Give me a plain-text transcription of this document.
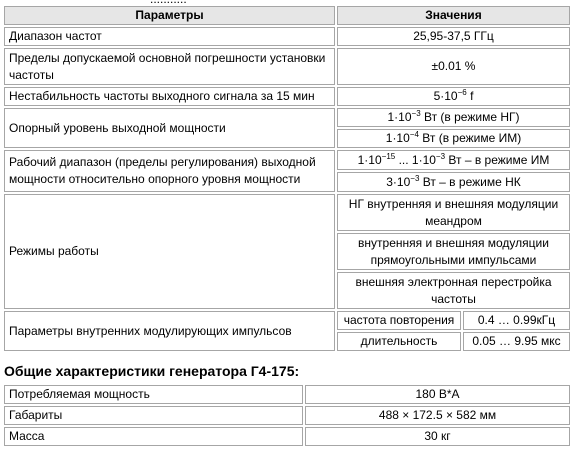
Параметры	Значения	
Диапазон частот	25,95-37,5 ГГц	
Пределы допускаемой основной погрешности установки частоты	±0.01 %	
Нестабильность частоты выходного сигнала за 15 мин	$5\cdot 10^{-6}$ f	
Опорный уровень выходной мощности	$1\cdot 10^{-3}$ Вт (в режиме НГ)	
	$1\cdot 10^{-4}$ Вт (в режиме ИМ)	
Рабочий диапазон (пределы регулирования) выходной мощности относительно опорного уровня мощности	$1\cdot 10^{-15}$ ... $1\cdot 10^{-3}$ Вт – в режиме ИМ	
	$3\cdot 10^{-3}$ Вт – в режиме НК	
Режимы работы	НГ внутренняя и внешняя модуляции меандром	
	внутренняя и внешняя модуляции прямоугольными импульсами	
	внешняя электронная перестройка частоты	
Параметры внутренних модулирующих импульсов	частота повторения	0.4 … 0.99кГц
	длительность	0.05 … 9.95 мкс
Общие характеристики генератора Г4-175:
Потребляемая мощность	180 В*А
Габариты	488 × 172.5 × 582 мм
Масса	30 кг
